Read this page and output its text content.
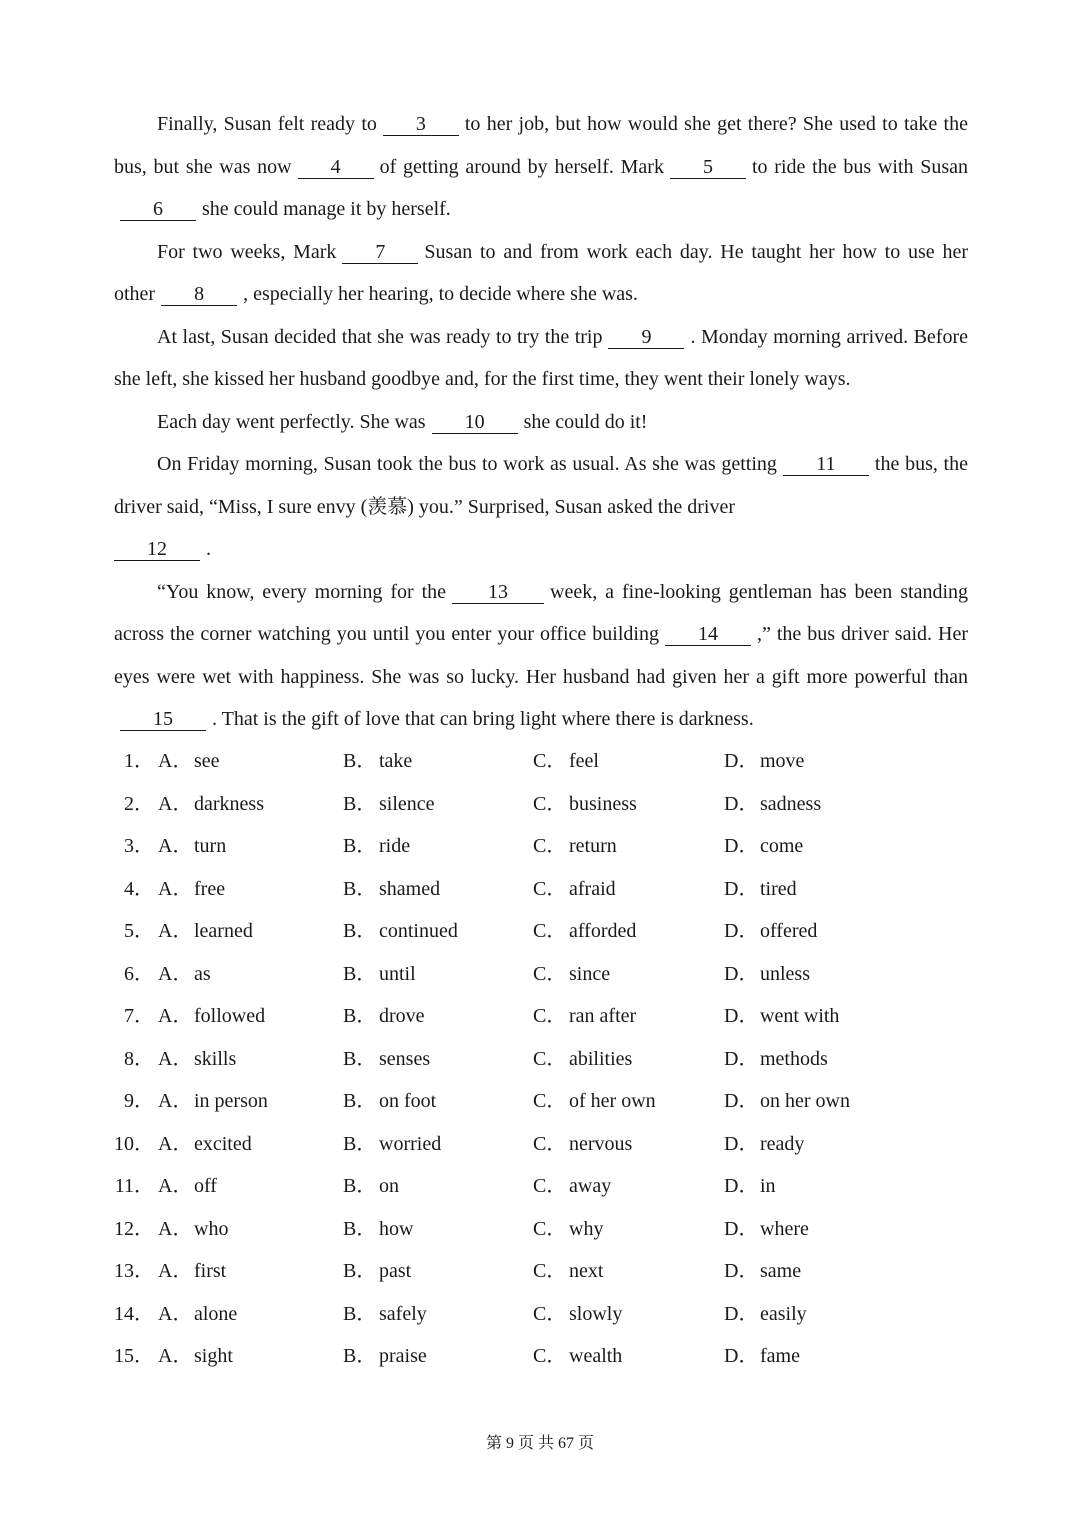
Finally, Susan felt ready to 3 to her job, but how would she get there? She used to take the bus, but she was now 4 of getting around by herself. Mark 5 to ride the bus with Susan6 she could manage it by herself.

For two weeks, Mark 7 Susan to and from work each day. He taught her how to use her other 8 , especially her hearing, to decide where she was.

At last, Susan decided that she was ready to try the trip 9 . Monday morning arrived. Before she left, she kissed her husband goodbye and, for the first time, they went their lonely ways.

Each day went perfectly. She was 10 she could do it!

On Friday morning, Susan took the bus to work as usual. As she was getting 11 the bus, the driver said, “Miss, I sure envy (羡慕) you.” Surprised, Susan asked the driver

12 .

“You know, every morning for the 13 week, a fine-looking gentleman has been standing across the corner watching you until you enter your office building 14 ,” the bus driver said. Her eyes were wet with happiness. She was so lucky. Her husband had given her a gift more powerful than15 . That is the gift of love that can bring light where there is darkness.

1． A．see	B． take	C． feel	D．move
2． A．darkness	B． silence	C． business	D．sadness
3． A．turn	B． ride	C． return	D．come
4． A．free	B． shamed	C． afraid	D．tired
5． A．learned	B． continued	C． afforded	D．offered
6． A．as	B． until	C． since	D．unless
7． A．followed	B． drove	C． ran after	D．went with
8． A．skills	B． senses	C． abilities	D．methods
9． A．in person	B． on foot	C． of her own	D．on her own
10． A．excited	B． worried	C． nervous	D．ready
11． A．off	B． on	C． away	D．in
12． A．who	B． how	C． why	D．where
13． A．first	B． past	C． next	D．same
14． A．alone	B． safely	C． slowly	D．easily
15． A．sight	B． praise	C． wealth	D．fame
第 9 页 共 67 页
